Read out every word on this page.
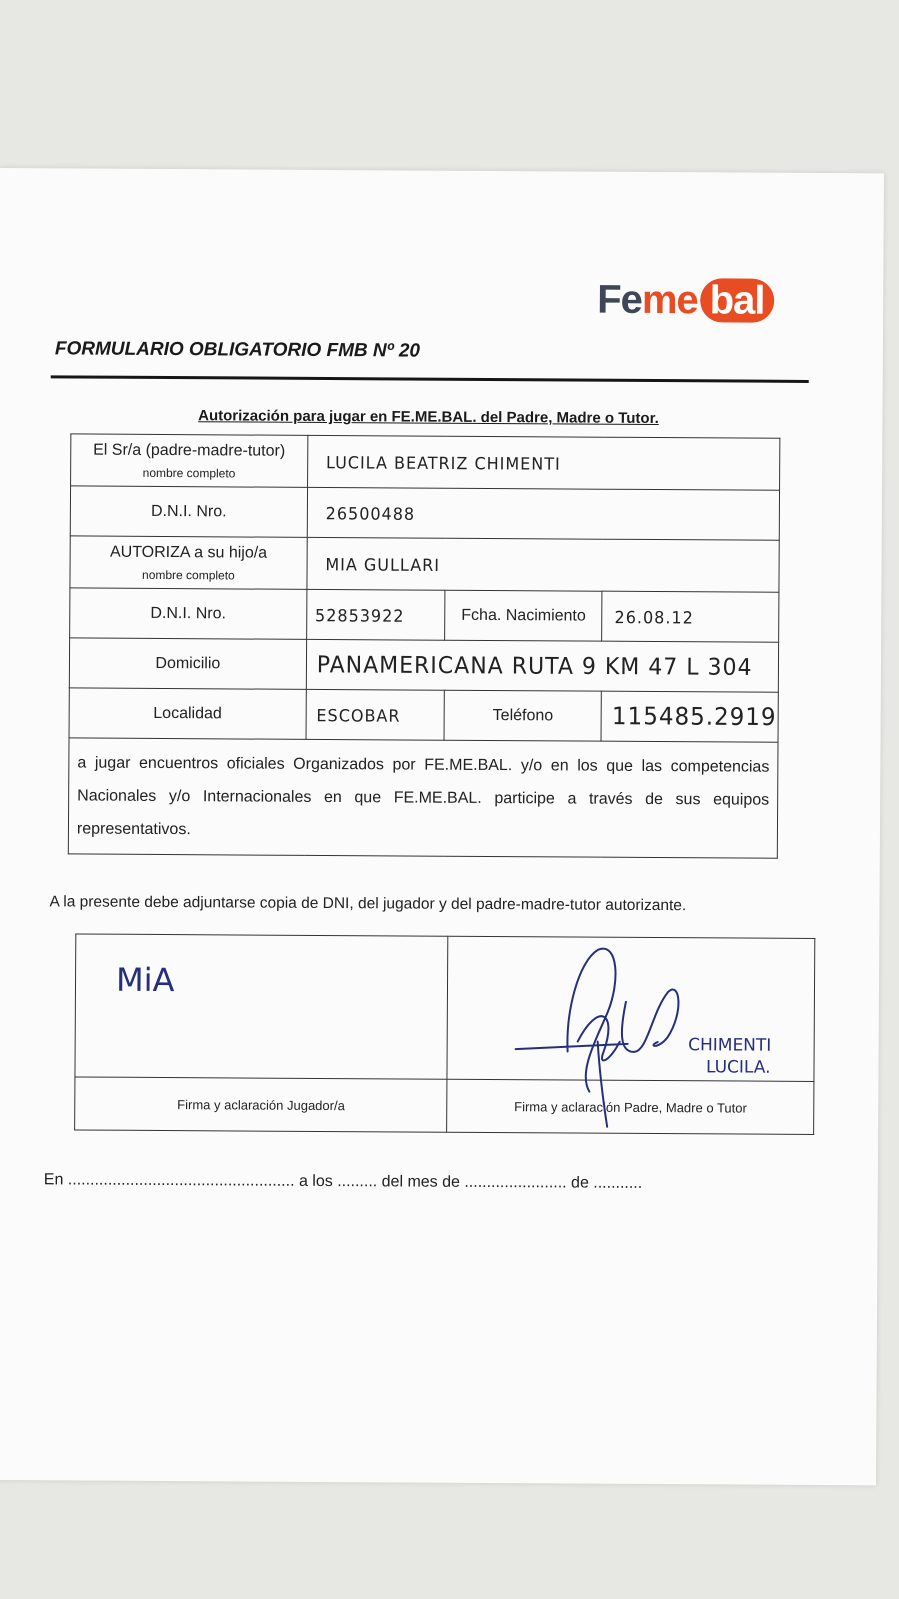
Feme bal
FORMULARIO OBLIGATORIO FMB Nº 20
Autorización para jugar en FE.ME.BAL. del Padre, Madre o Tutor.
El Sr/a (padre-madre-tutor)
nombre completo	LUCILA BEATRIZ CHIMENTI		
D.N.I. Nro.	26500488		

AUTORIZA a su hijo/a
nombre completo	MIA GULLARI		
D.N.I. Nro.	52853922	Fcha. Nacimiento	26.08.12
Domicilio	PANAMERICANA RUTA 9 KM 47 L 304		
Localidad	ESCOBAR	Teléfono	115485.2919
a jugar encuentros oficiales Organizados por FE.ME.BAL. y/o en los que las competencias Nacionales y/o Internacionales en que FE.ME.BAL. participe a través de sus equipos representativos.			
A la presente debe adjuntarse copia de DNI, del jugador y del padre-madre-tutor autorizante.
MiA	CHIMENTI
LUCILA.

Firma y aclaración Jugador/a	Firma y aclaración Padre, Madre o Tutor
En ................................................... a los ......... del mes de ....................... de ...........
